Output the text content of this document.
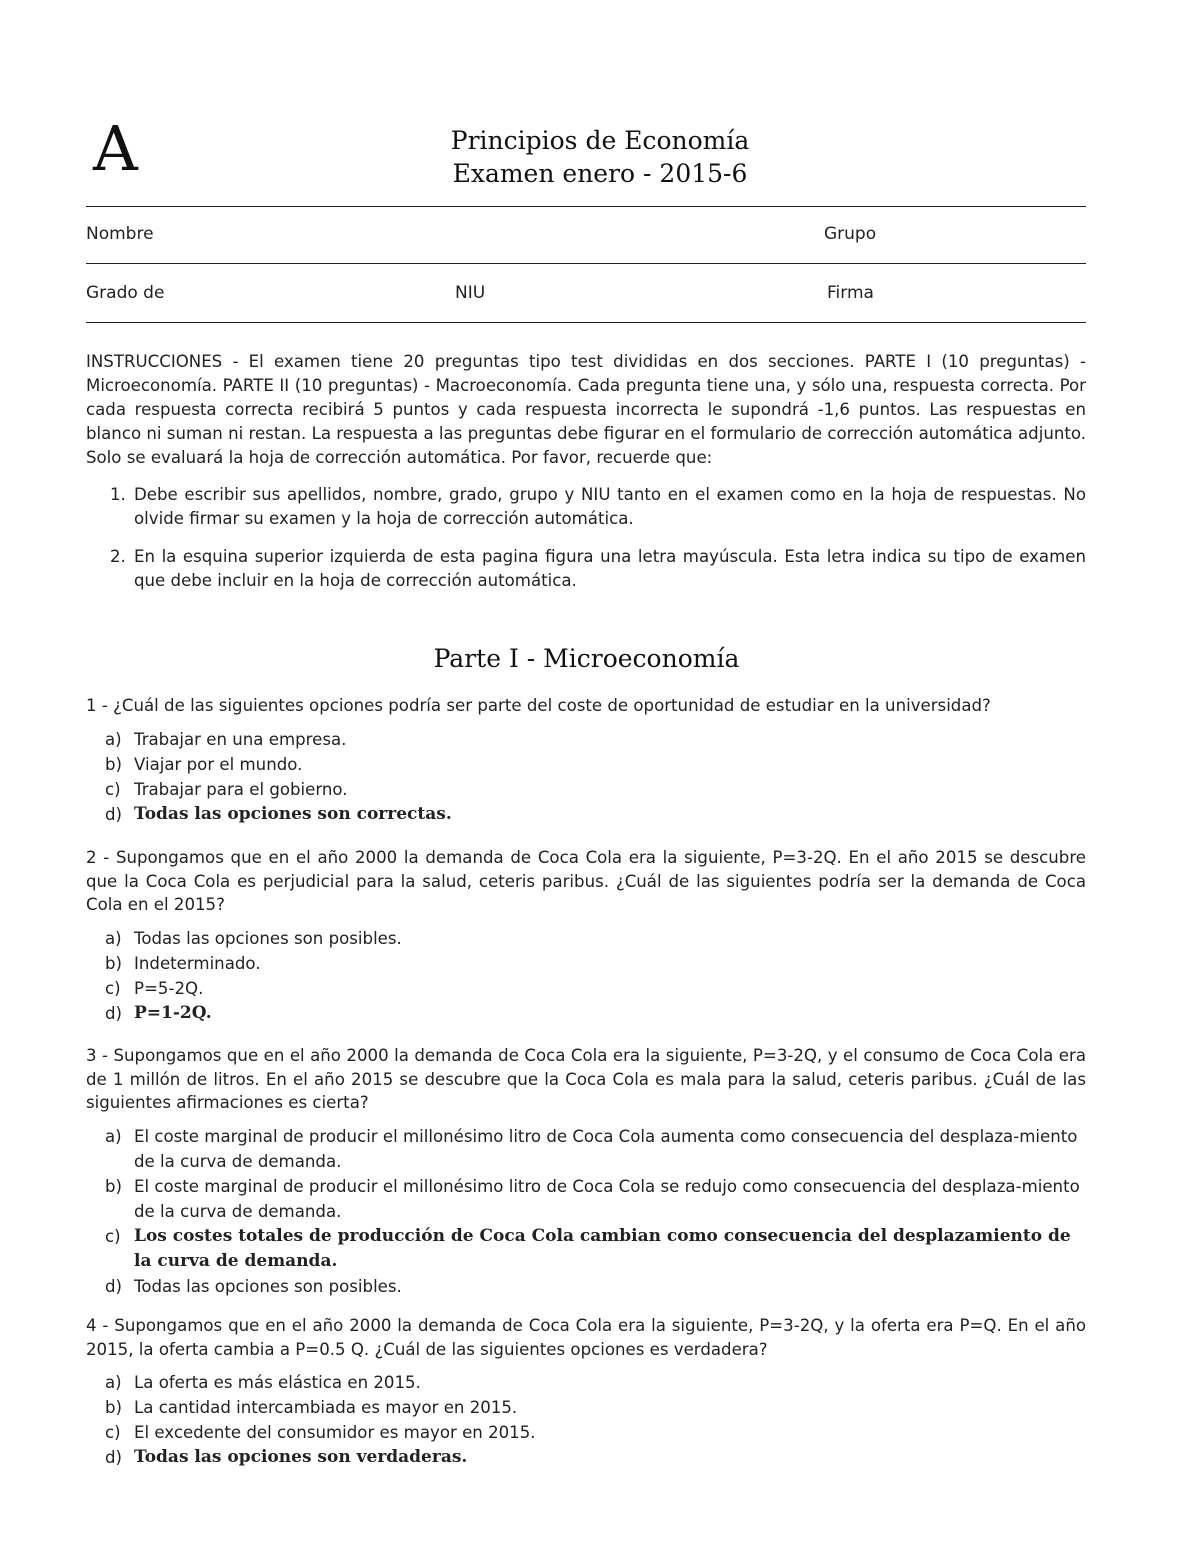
A	Principios de Economía
Examen enero - 2015-6
Nombre	Grupo
Grado de	NIU	Firma

INSTRUCCIONES - El examen tiene 20 preguntas tipo test divididas en dos secciones. PARTE I (10 preguntas) - Microeconomía. PARTE II (10 preguntas) - Macroeconomía. Cada pregunta tiene una, y sólo una, respuesta correcta. Por cada respuesta correcta recibirá 5 puntos y cada respuesta incorrecta le supondrá -1,6 puntos. Las respuestas en blanco ni suman ni restan. La respuesta a las preguntas debe figurar en el formulario de corrección automática adjunto. Solo se evaluará la hoja de corrección automática. Por favor, recuerde que:

1. Debe escribir sus apellidos, nombre, grado, grupo y NIU tanto en el examen como en la hoja de respuestas. No olvide firmar su examen y la hoja de corrección automática.
2. En la esquina superior izquierda de esta pagina figura una letra mayúscula. Esta letra indica su tipo de examen que debe incluir en la hoja de corrección automática.
Parte I - Microeconomía

1 - ¿Cuál de las siguientes opciones podría ser parte del coste de oportunidad de estudiar en la universidad?

a) Trabajar en una empresa.
b) Viajar por el mundo.
c) Trabajar para el gobierno.
d) Todas las opciones son correctas.

2 - Supongamos que en el año 2000 la demanda de Coca Cola era la siguiente, P=3-2Q. En el año 2015 se descubre que la Coca Cola es perjudicial para la salud, ceteris paribus. ¿Cuál de las siguientes podría ser la demanda de Coca Cola en el 2015?

a) Todas las opciones son posibles.
b) Indeterminado.
c) P=5-2Q.
d) P=1-2Q.

3 - Supongamos que en el año 2000 la demanda de Coca Cola era la siguiente, P=3-2Q, y el consumo de Coca Cola era de 1 millón de litros. En el año 2015 se descubre que la Coca Cola es mala para la salud, ceteris paribus. ¿Cuál de las siguientes afirmaciones es cierta?

a) El coste marginal de producir el millonésimo litro de Coca Cola aumenta como consecuencia del desplaza-miento de la curva de demanda.
b) El coste marginal de producir el millonésimo litro de Coca Cola se redujo como consecuencia del desplaza-miento de la curva de demanda.
c) Los costes totales de producción de Coca Cola cambian como consecuencia del desplazamiento de la curva de demanda.
d) Todas las opciones son posibles.

4 - Supongamos que en el año 2000 la demanda de Coca Cola era la siguiente, P=3-2Q, y la oferta era P=Q. En el año 2015, la oferta cambia a P=0.5 Q. ¿Cuál de las siguientes opciones es verdadera?

a) La oferta es más elástica en 2015.
b) La cantidad intercambiada es mayor en 2015.
c) El excedente del consumidor es mayor en 2015.
d) Todas las opciones son verdaderas.
